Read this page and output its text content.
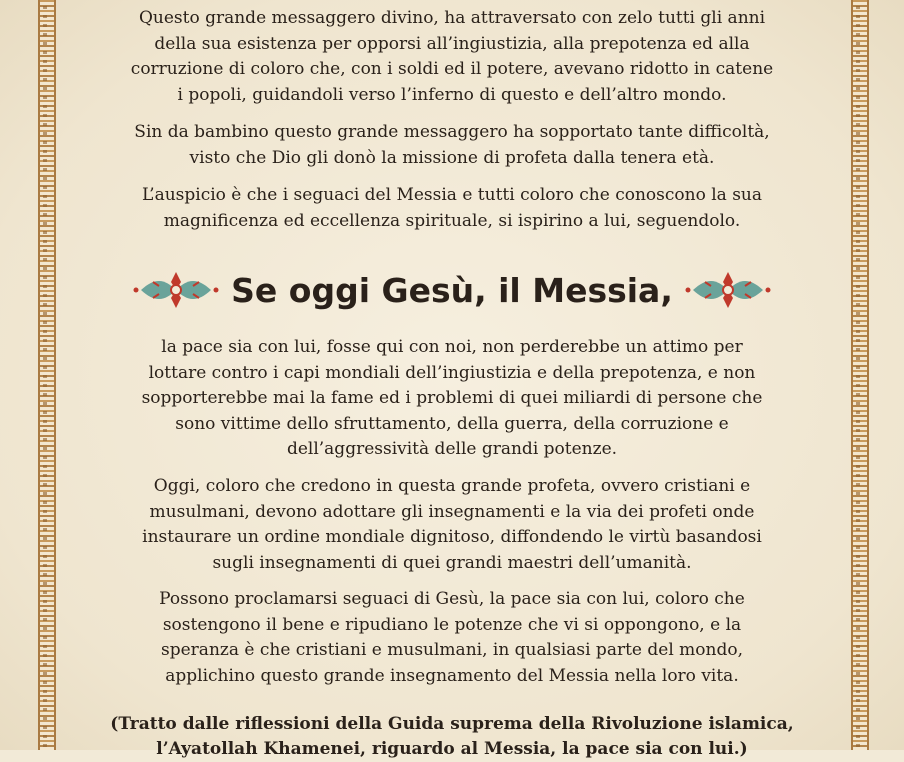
Questo grande messaggero divino, ha attraversato con zelo tutti gli anni
della sua esistenza per opporsi all’ingiustizia, alla prepotenza ed alla
corruzione di coloro che, con i soldi ed il potere, avevano ridotto in catene
i popoli, guidandoli verso l’inferno di questo e dell’altro mondo.

Sin da bambino questo grande messaggero ha sopportato tante difficoltà,
visto che Dio gli donò la missione di profeta dalla tenera età.

L’auspicio è che i seguaci del Messia e tutti coloro che conoscono la sua
magnificenza ed eccellenza spirituale, si ispirino a lui, seguendolo.

Se oggi Gesù, il Messia,

la pace sia con lui, fosse qui con noi, non perderebbe un attimo per
lottare contro i capi mondiali dell’ingiustizia e della prepotenza, e non
sopporterebbe mai la fame ed i problemi di quei miliardi di persone che
sono vittime dello sfruttamento, della guerra, della corruzione e
dell’aggressività delle grandi potenze.

Oggi, coloro che credono in questa grande profeta, ovvero cristiani e
musulmani, devono adottare gli insegnamenti e la via dei profeti onde
instaurare un ordine mondiale dignitoso, diffondendo le virtù basandosi
sugli insegnamenti di quei grandi maestri dell’umanità.

Possono proclamarsi seguaci di Gesù, la pace sia con lui, coloro che
sostengono il bene e ripudiano le potenze che vi si oppongono, e la
speranza è che cristiani e musulmani, in qualsiasi parte del mondo,
applichino questo grande insegnamento del Messia nella loro vita.

(Tratto dalle riflessioni della Guida suprema della Rivoluzione islamica,
l’Ayatollah Khamenei, riguardo al Messia, la pace sia con lui.)
